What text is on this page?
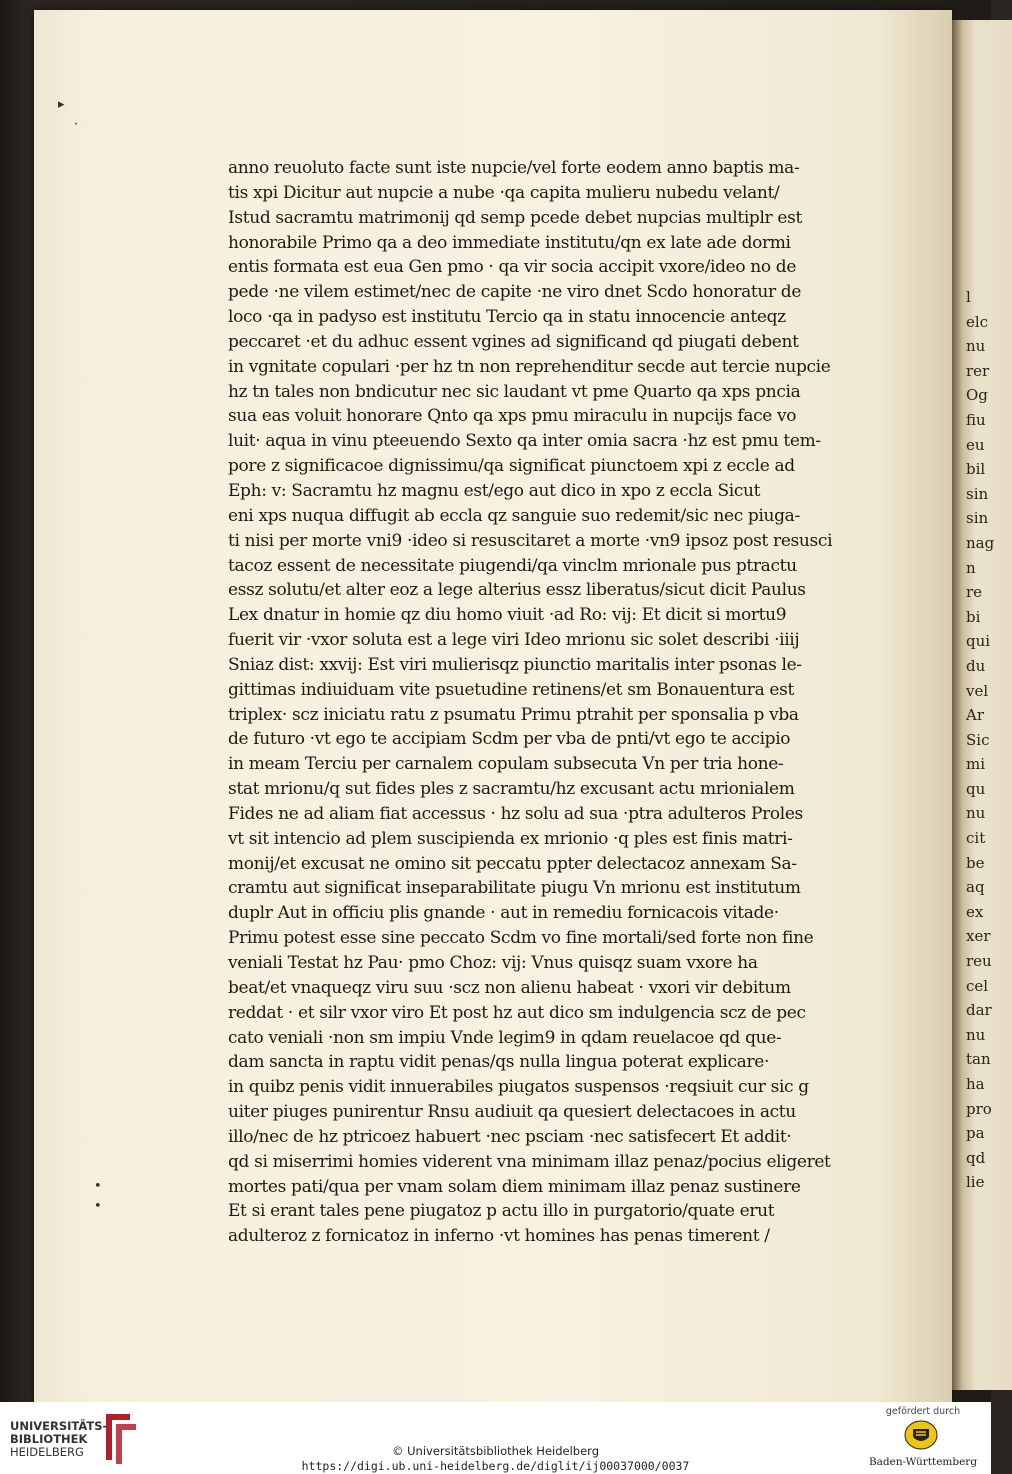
▸
·
•
•
anno reuoluto facte sunt iste nupcie/vel forte eodem anno baptis ma-
tis xpi Dicitur aut nupcie a nube ·qa capita mulieru nubedu velant/
Istud sacramtu matrimonij qd semp pcede debet nupcias multiplr est
honorabile Primo qa a deo immediate institutu/qn ex late ade dormi
entis formata est eua Gen pmo · qa vir socia accipit vxore/ideo no de
pede ·ne vilem estimet/nec de capite ·ne viro dnet Scdo honoratur de
loco ·qa in padyso est institutu Tercio qa in statu innocencie anteqz
peccaret ·et du adhuc essent vgines ad significand qd piugati debent
in vgnitate copulari ·per hz tn non reprehenditur secde aut tercie nupcie
hz tn tales non bndicutur nec sic laudant vt pme Quarto qa xps pncia
sua eas voluit honorare Qnto qa xps pmu miraculu in nupcijs face vo
luit· aqua in vinu pteeuendo Sexto qa inter omia sacra ·hz est pmu tem-
pore z significacoe dignissimu/qa significat piunctoem xpi z eccle ad
Eph: v: Sacramtu hz magnu est/ego aut dico in xpo z eccla Sicut
eni xps nuqua diffugit ab eccla qz sanguie suo redemit/sic nec piuga-
ti nisi per morte vni9 ·ideo si resuscitaret a morte ·vn9 ipsoz post resusci
tacoz essent de necessitate piugendi/qa vinclm mrionale pus ptractu
essz solutu/et alter eoz a lege alterius essz liberatus/sicut dicit Paulus
Lex dnatur in homie qz diu homo viuit ·ad Ro: vij: Et dicit si mortu9
fuerit vir ·vxor soluta est a lege viri Ideo mrionu sic solet describi ·iiij
Sniaz dist: xxvij: Est viri mulierisqz piunctio maritalis inter psonas le-
gittimas indiuiduam vite psuetudine retinens/et sm Bonauentura est
triplex· scz iniciatu ratu z psumatu Primu ptrahit per sponsalia p vba
de futuro ·vt ego te accipiam Scdm per vba de pnti/vt ego te accipio
in meam Terciu per carnalem copulam subsecuta Vn per tria hone-
stat mrionu/q sut fides ples z sacramtu/hz excusant actu mrionialem
Fides ne ad aliam fiat accessus · hz solu ad sua ·ptra adulteros Proles
vt sit intencio ad plem suscipienda ex mrionio ·q ples est finis matri-
monij/et excusat ne omino sit peccatu ppter delectacoz annexam Sa-
cramtu aut significat inseparabilitate piugu Vn mrionu est institutum
duplr Aut in officiu plis gnande · aut in remediu fornicacois vitade·
Primu potest esse sine peccato Scdm vo fine mortali/sed forte non fine
veniali Testat hz Pau· pmo Choz: vij: Vnus quisqz suam vxore ha
beat/et vnaqueqz viru suu ·scz non alienu habeat · vxori vir debitum
reddat · et silr vxor viro Et post hz aut dico sm indulgencia scz de pec
cato veniali ·non sm impiu Vnde legim9 in qdam reuelacoe qd que-
dam sancta in raptu vidit penas/qs nulla lingua poterat explicare·
in quibz penis vidit innuerabiles piugatos suspensos ·reqsiuit cur sic g
uiter piuges punirentur Rnsu audiuit qa quesiert delectacoes in actu
illo/nec de hz ptricoez habuert ·nec psciam ·nec satisfecert Et addit·
qd si miserrimi homies viderent vna minimam illaz penaz/pocius eligeret
mortes pati/qua per vnam solam diem minimam illaz penaz sustinere
Et si erant tales pene piugatoz p actu illo in purgatorio/quate erut
adulteroz z fornicatoz in inferno ·vt homines has penas timerent /
l
elc
nu
rer
Og
fiu
eu
bil
sin
sin
nag
n
re
bi
qui
du
vel
Ar
Sic
mi
qu
nu
cit
be
aq
ex
xer
reu
cel
dar
nu
tan
ha
pro
pa
qd
lie
UNIVERSITÄTS-
BIBLIOTHEK
HEIDELBERG	© Universitätsbibliothek Heidelberg
https://digi.ub.uni-heidelberg.de/diglit/ij00037000/0037
gefördert durch
Baden-Württemberg
